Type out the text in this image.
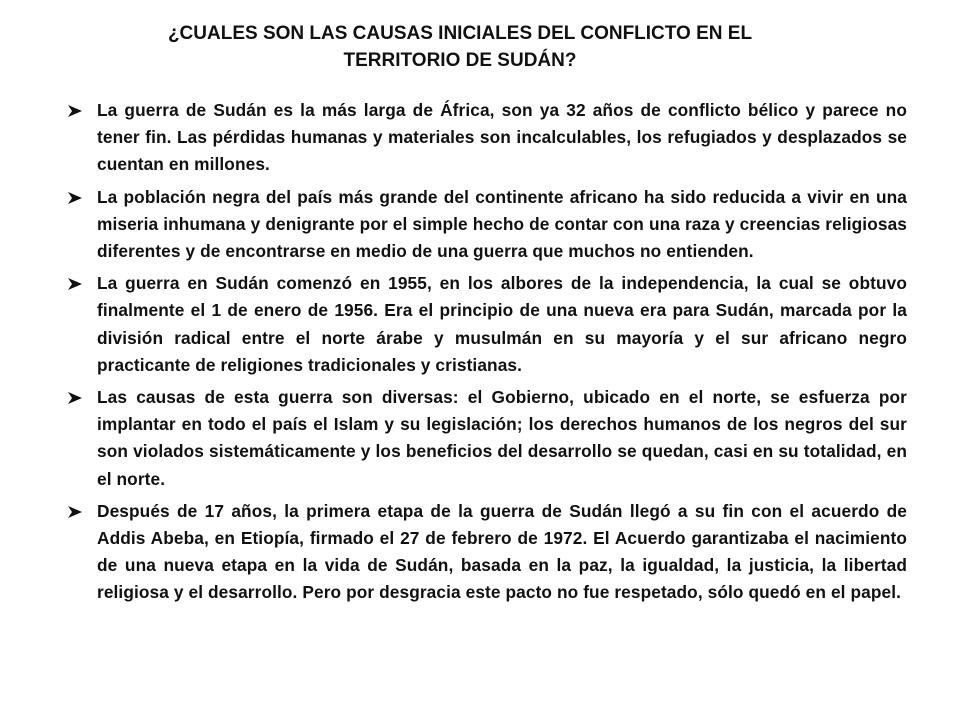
¿CUALES SON LAS CAUSAS INICIALES DEL CONFLICTO EN EL
TERRITORIO DE SUDÁN?
La guerra de Sudán es la más larga de África, son ya 32 años de conflicto bélico y parece no tener fin. Las pérdidas humanas y materiales son incalculables, los refugiados y desplazados se cuentan en millones.
La población negra del país más grande del continente africano ha sido reducida a vivir en una miseria inhumana y denigrante por el simple hecho de contar con una raza y creencias religiosas diferentes y de encontrarse en medio de una guerra que muchos no entienden.
La guerra en Sudán comenzó en 1955, en los albores de la independencia, la cual se obtuvo finalmente el 1 de enero de 1956. Era el principio de una nueva era para Sudán, marcada por la división radical entre el norte árabe y musulmán en su mayoría y el sur africano negro practicante de religiones tradicionales y cristianas.
Las causas de esta guerra son diversas: el Gobierno, ubicado en el norte, se esfuerza por implantar en todo el país el Islam y su legislación; los derechos humanos de los negros del sur son violados sistemáticamente y los beneficios del desarrollo se quedan, casi en su totalidad, en el norte.
Después de 17 años, la primera etapa de la guerra de Sudán llegó a su fin con el acuerdo de Addis Abeba, en Etiopía, firmado el 27 de febrero de 1972. El Acuerdo garantizaba el nacimiento de una nueva etapa en la vida de Sudán, basada en la paz, la igualdad, la justicia, la libertad religiosa y el desarrollo. Pero por desgracia este pacto no fue respetado, sólo quedó en el papel.
